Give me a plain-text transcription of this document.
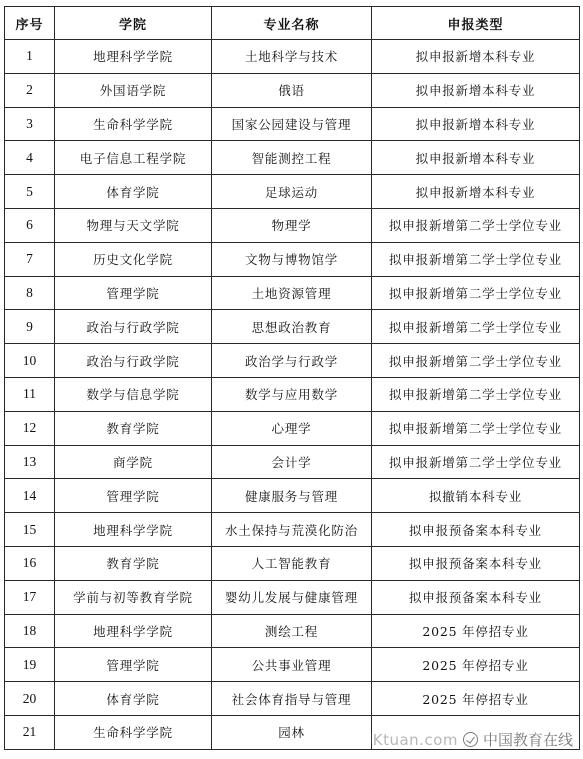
序号	学院	专业名称	申报类型
1	地理科学学院	土地科学与技术	拟申报新增本科专业
2	外国语学院	俄语	拟申报新增本科专业
3	生命科学学院	国家公园建设与管理	拟申报新增本科专业
4	电子信息工程学院	智能测控工程	拟申报新增本科专业
5	体育学院	足球运动	拟申报新增本科专业
6	物理与天文学院	物理学	拟申报新增第二学士学位专业
7	历史文化学院	文物与博物馆学	拟申报新增第二学士学位专业
8	管理学院	土地资源管理	拟申报新增第二学士学位专业
9	政治与行政学院	思想政治教育	拟申报新增第二学士学位专业
10	政治与行政学院	政治学与行政学	拟申报新增第二学士学位专业
11	数学与信息学院	数学与应用数学	拟申报新增第二学士学位专业
12	教育学院	心理学	拟申报新增第二学士学位专业
13	商学院	会计学	拟申报新增第二学士学位专业
14	管理学院	健康服务与管理	拟撤销本科专业
15	地理科学学院	水土保持与荒漠化防治	拟申报预备案本科专业
16	教育学院	人工智能教育	拟申报预备案本科专业
17	学前与初等教育学院	婴幼儿发展与健康管理	拟申报预备案本科专业
18	地理科学学院	测绘工程	2025 年停招专业
19	管理学院	公共事业管理	2025 年停招专业
20	体育学院	社会体育指导与管理	2025 年停招专业
21	生命科学学院	园林		Ktuan.com 中国教育在线
